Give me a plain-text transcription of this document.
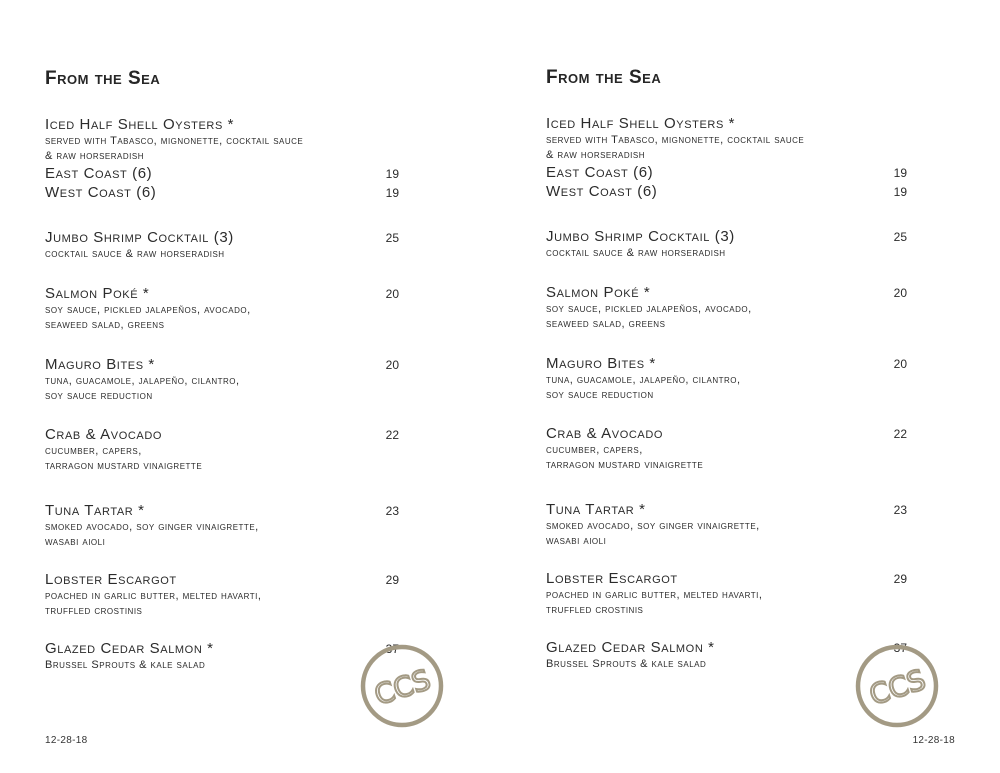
From the Sea
Iced Half Shell Oysters *
served with Tabasco, mignonette, cocktail sauce
& raw horseradish
East Coast (6)	19
West Coast (6)	19
Jumbo Shrimp Cocktail (3)	25
cocktail sauce & raw horseradish
Salmon Poké *	20
soy sauce, pickled jalapeños, avocado,
seaweed salad, greens
Maguro Bites *	20
tuna, guacamole, jalapeño, cilantro,
soy sauce reduction
Crab & Avocado	22
cucumber, capers,
tarragon mustard vinaigrette
Tuna Tartar *	23
smoked avocado, soy ginger vinaigrette,
wasabi aioli
Lobster Escargot	29
poached in garlic butter, melted havarti,
truffled crostinis
Glazed Cedar Salmon *	37
Brussel Sprouts & kale salad	CCS
12-28-18
From the Sea
Iced Half Shell Oysters *
served with Tabasco, mignonette, cocktail sauce
& raw horseradish
East Coast (6)	19
West Coast (6)	19
Jumbo Shrimp Cocktail (3)	25
cocktail sauce & raw horseradish
Salmon Poké *	20
soy sauce, pickled jalapeños, avocado,
seaweed salad, greens
Maguro Bites *	20
tuna, guacamole, jalapeño, cilantro,
soy sauce reduction
Crab & Avocado	22
cucumber, capers,
tarragon mustard vinaigrette
Tuna Tartar *	23
smoked avocado, soy ginger vinaigrette,
wasabi aioli
Lobster Escargot	29
poached in garlic butter, melted havarti,
truffled crostinis
Glazed Cedar Salmon *	37
Brussel Sprouts & kale salad	CCS
12-28-18
